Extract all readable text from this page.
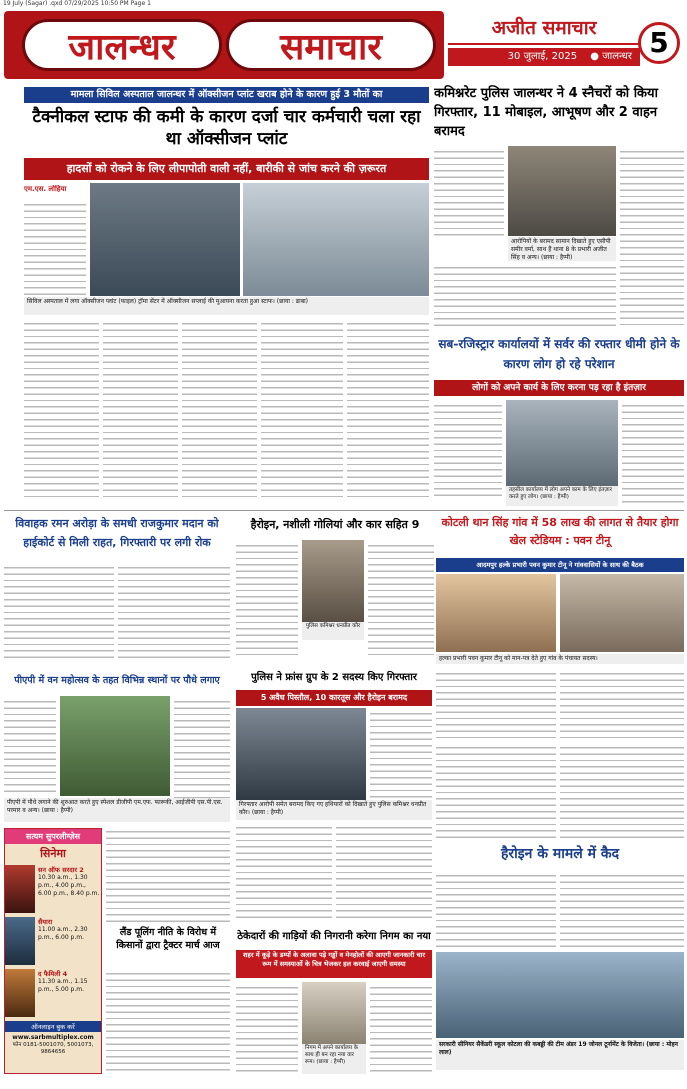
19 July (Sagar) .qxd 07/29/2025 10:50 PM Page 1
जालन्धर	समाचार	अजीत समाचार
30 जुलाई, 2025 ● जालन्धर 5
मामला सिविल अस्पताल जालन्धर में ऑक्सीजन प्लांट खराब होने के कारण हुई 3 मौतों का
टैक्नीकल स्टाफ की कमी के कारण दर्जा चार कर्मचारी चला रहा था ऑक्सीजन प्लांट
हादसों को रोकने के लिए लीपापोती वाली नहीं, बारीकी से जांच करने की ज़रूरत
एम.एस. लोहिया
सिविल अस्पताल में लगा ऑक्सीजन प्लांट (फाइल) ट्रॉमा सेंटर में ऑक्सीजन सप्लाई की मुआयना करता हुआ स्टाफ। (छाया : ढाबा)
कमिश्नरेट पुलिस जालन्धर ने 4 स्नैचरों को किया गिरफ्तार, 11 मोबाइल, आभूषण और 2 वाहन बरामद
आरोपियों के बरामद सामान दिखाते हुए एसीपी समीर वर्मा, साथ हैं थाना 8 के प्रभारी अजीत सिंह व अन्य। (छाया : हैप्पी)
सब-रजिस्ट्रार कार्यालयों में सर्वर की रफ्तार धीमी होने के कारण लोग हो रहे परेशान
लोगों को अपने कार्य के लिए करना पड़ रहा है इंतज़ार
तहसील कार्यालय में लोग अपने काम के लिए इंतज़ार करते हुए लोग। (छाया : हैप्पी)
विवाहक रमन अरोड़ा के समधी राजकुमार मदान को हाईकोर्ट से मिली राहत, गिरफ्तारी पर लगी रोक
हैरोइन, नशीली गोलियां और कार सहित 9
पुलिस कमिश्नर धनप्रीत कौर
कोटली थान सिंह गांव में 58 लाख की लागत से तैयार होगा खेल स्टेडियम : पवन टीनू
आदमपुर हल्के प्रभारी पवन कुमार टीनू ने गांववासियों के साथ की बैठक
हल्का प्रभारी पवन कुमार टीनू को मान-पत्र देते हुए गांव के पंचायत सदस्य।
पीएपी में वन महोत्सव के तहत विभिन्न स्थानों पर पौधे लगाए
पीएपी में पौधे लगाने की शुरुआत करते हुए स्पेशल डीजीपी एम.एफ. फारूकी, आईजीपी एस.पी.एस. परमार व अन्य। (छाया : हैप्पी)
पुलिस ने फ्रांस ग्रुप के 2 सदस्य किए गिरफ्तार
5 अवैध पिस्तौल, 10 कारतूस और हैरोइन बरामद
गिरफ्तार आरोपी समेत बरामद किए गए हथियारों को दिखाते हुए पुलिस कमिश्नर धनप्रीत कौर। (छाया : हैप्पी)
हैरोइन के मामले में कैद
सरकारी सीनियर सैकेंडरी स्कूल कोटला की कबड्डी की टीम अंडर 19 जोनल टूर्नामेंट के विजेता। (छाया : मोहन लाल)
सत्यम सुपरलीग्ज़ेस
सिनेमा
सन ऑफ सरदार 2
10.30 a.m., 1.30 p.m., 4.00 p.m., 6.00 p.m., 8.40 p.m.
सैयारा
11.00 a.m., 2.30 p.m., 6.00 p.m.
द फैमिली 4
11.30 a.m., 1.15 p.m., 5.00 p.m.
ऑनलाइन बुक करें
www.sarbmultiplex.com
फोन 0181-5001070, 5001073, 9864656
लैंड पूलिंग नीति के विरोध में किसानों द्वारा ट्रैक्टर मार्च आज
ठेकेदारों की गाड़ियों की निगरानी करेगा निगम का नया
शहर में कूड़े के डम्पों के अलावा पड़े गड्ढों व मेनहोलों की आएगी जानकारी चार रूम में समस्याओं के चित्र भेजकर हल करवाई जाएगी समस्या
निगम में अपने कार्यालय के साथ ही बन रहा नया वार रूम। (छाया : हैप्पी)
